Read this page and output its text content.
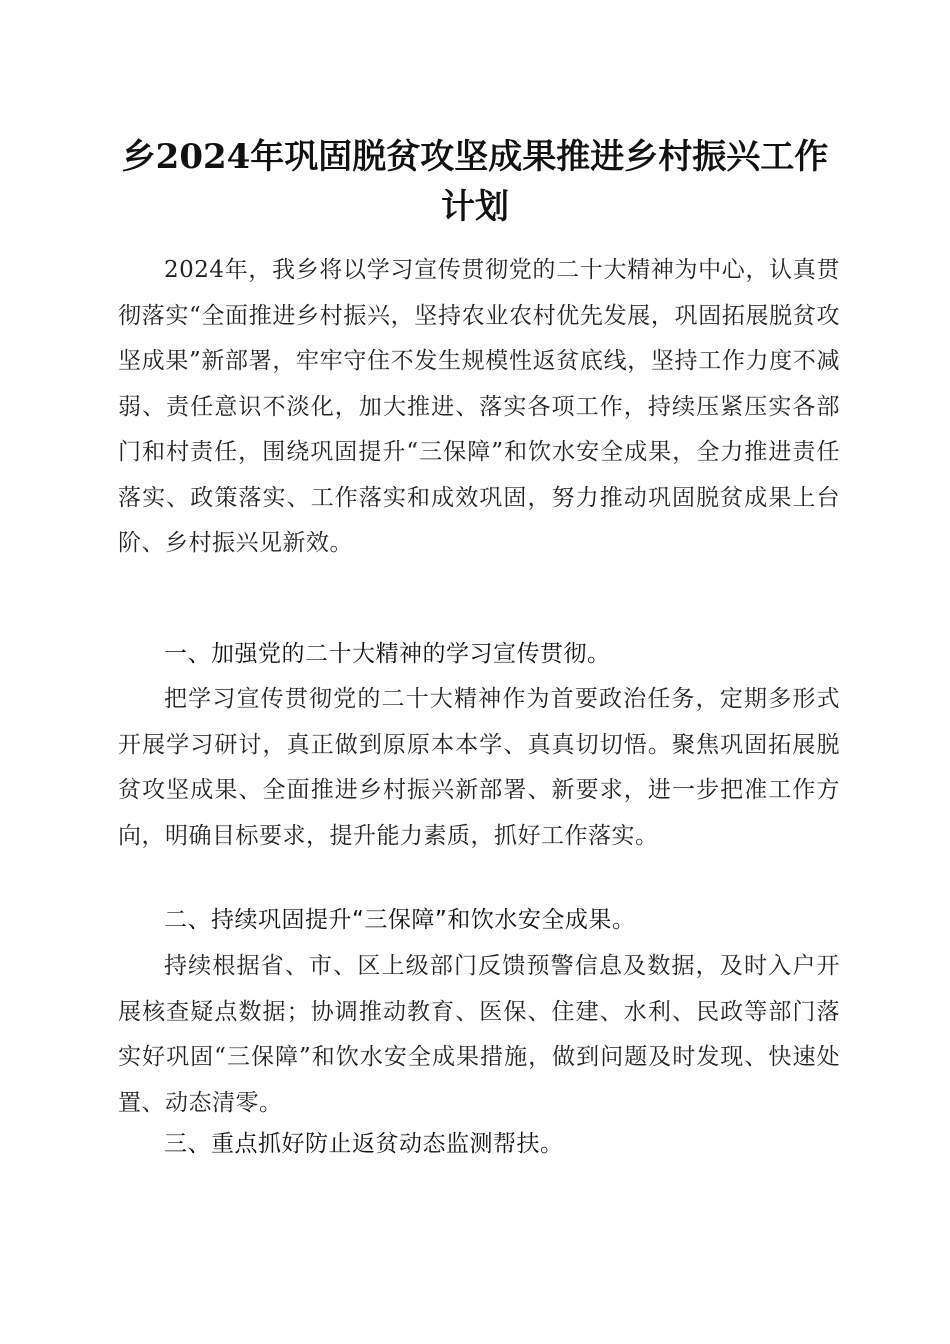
乡2024年巩固脱贫攻坚成果推进乡村振兴工作计划

2024年，我乡将以学习宣传贯彻党的二十大精神为中心，认真贯彻落实“全面推进乡村振兴，坚持农业农村优先发展，巩固拓展脱贫攻坚成果”新部署，牢牢守住不发生规模性返贫底线，坚持工作力度不减弱、责任意识不淡化，加大推进、落实各项工作，持续压紧压实各部门和村责任，围绕巩固提升“三保障”和饮水安全成果，全力推进责任落实、政策落实、工作落实和成效巩固，努力推动巩固脱贫成果上台阶、乡村振兴见新效。

一、加强党的二十大精神的学习宣传贯彻。

把学习宣传贯彻党的二十大精神作为首要政治任务，定期多形式开展学习研讨，真正做到原原本本学、真真切切悟。聚焦巩固拓展脱贫攻坚成果、全面推进乡村振兴新部署、新要求，进一步把准工作方向，明确目标要求，提升能力素质，抓好工作落实。

二、持续巩固提升“三保障”和饮水安全成果。

持续根据省、市、区上级部门反馈预警信息及数据，及时入户开展核查疑点数据；协调推动教育、医保、住建、水利、民政等部门落实好巩固“三保障”和饮水安全成果措施，做到问题及时发现、快速处置、动态清零。

三、重点抓好防止返贫动态监测帮扶。
